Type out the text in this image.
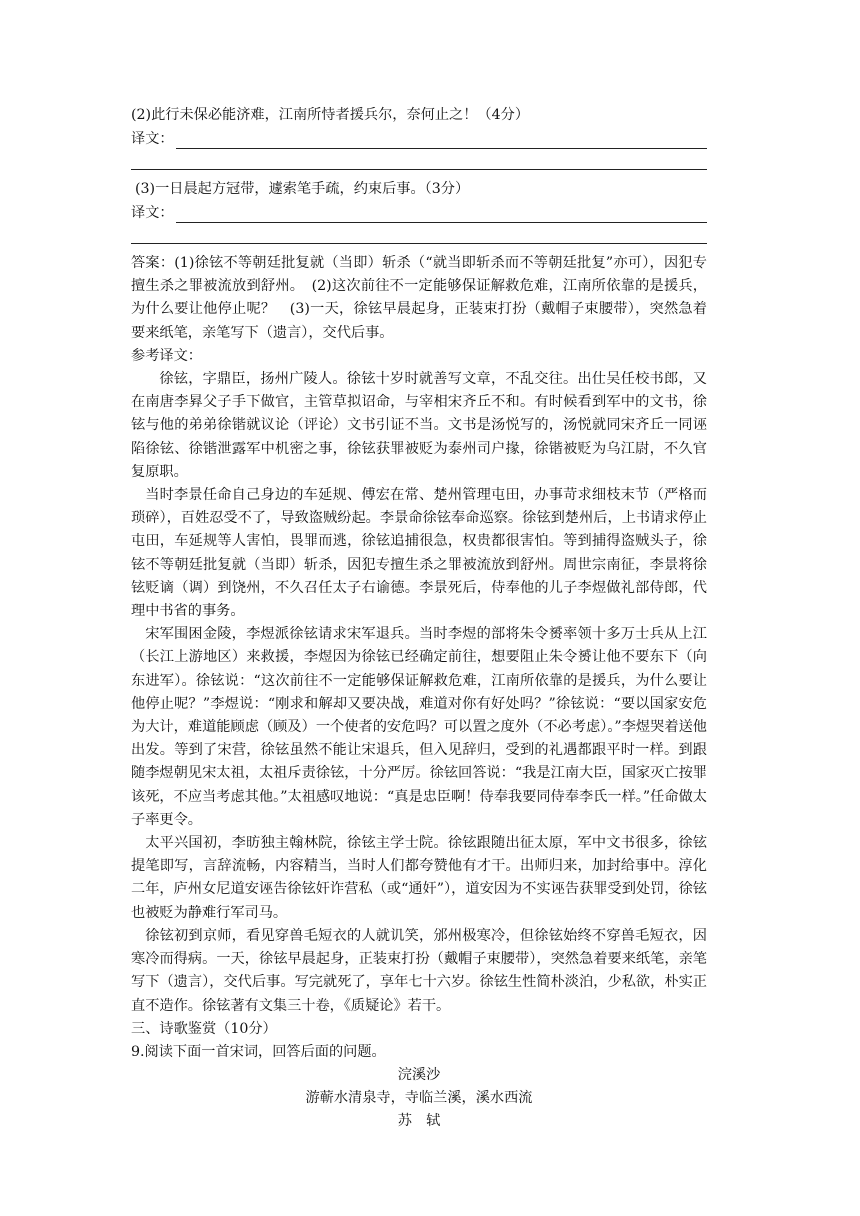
(2)此行未保必能济难，江南所恃者援兵尔，奈何止之！（4分）
译文：
(3)一日晨起方冠带，遽索笔手疏，约束后事。（3分）
译文：
答案：(1)徐铉不等朝廷批复就（当即）斩杀（“就当即斩杀而不等朝廷批复”亦可），因犯专擅生杀之罪被流放到舒州。　(2)这次前往不一定能够保证解救危难，江南所依靠的是援兵，为什么要让他停止呢？　(3)一天，徐铉早晨起身，正装束打扮（戴帽子束腰带），突然急着要来纸笔，亲笔写下（遗言），交代后事。
参考译文：
徐铉，字鼎臣，扬州广陵人。徐铉十岁时就善写文章，不乱交往。出仕吴任校书郎，又在南唐李昪父子手下做官，主管草拟诏命，与宰相宋齐丘不和。有时候看到军中的文书，徐铉与他的弟弟徐锴就议论（评论）文书引证不当。文书是汤悦写的，汤悦就同宋齐丘一同诬陷徐铉、徐锴泄露军中机密之事，徐铉获罪被贬为泰州司户掾，徐锴被贬为乌江尉，不久官复原职。
当时李景任命自己身边的车延规、傅宏在常、楚州管理屯田，办事苛求细枝末节（严格而琐碎），百姓忍受不了，导致盗贼纷起。李景命徐铉奉命巡察。徐铉到楚州后，上书请求停止屯田，车延规等人害怕，畏罪而逃，徐铉追捕很急，权贵都很害怕。等到捕得盗贼头子，徐铉不等朝廷批复就（当即）斩杀，因犯专擅生杀之罪被流放到舒州。周世宗南征，李景将徐铉贬谪（调）到饶州，不久召任太子右谕德。李景死后，侍奉他的儿子李煜做礼部侍郎，代理中书省的事务。
宋军围困金陵，李煜派徐铉请求宋军退兵。当时李煜的部将朱令赟率领十多万士兵从上江（长江上游地区）来救援，李煜因为徐铉已经确定前往，想要阻止朱令赟让他不要东下（向东进军）。徐铉说：“这次前往不一定能够保证解救危难，江南所依靠的是援兵，为什么要让他停止呢？”李煜说：“刚求和解却又要决战，难道对你有好处吗？”徐铉说：“要以国家安危为大计，难道能顾虑（顾及）一个使者的安危吗？可以置之度外（不必考虑）。”李煜哭着送他出发。等到了宋营，徐铉虽然不能让宋退兵，但入见辞归，受到的礼遇都跟平时一样。到跟随李煜朝见宋太祖，太祖斥责徐铉，十分严厉。徐铉回答说：“我是江南大臣，国家灭亡按罪该死，不应当考虑其他。”太祖感叹地说：“真是忠臣啊！侍奉我要同侍奉李氏一样。”任命做太子率更令。
太平兴国初，李昉独主翰林院，徐铉主学士院。徐铉跟随出征太原，军中文书很多，徐铉提笔即写，言辞流畅，内容精当，当时人们都夸赞他有才干。出师归来，加封给事中。淳化二年，庐州女尼道安诬告徐铉奸诈营私（或“通奸”），道安因为不实诬告获罪受到处罚，徐铉也被贬为静难行军司马。
徐铉初到京师，看见穿兽毛短衣的人就讥笑，邠州极寒冷，但徐铉始终不穿兽毛短衣，因寒冷而得病。一天，徐铉早晨起身，正装束打扮（戴帽子束腰带），突然急着要来纸笔，亲笔写下（遗言），交代后事。写完就死了，享年七十六岁。徐铉生性简朴淡泊，少私欲，朴实正直不造作。徐铉著有文集三十卷，《质疑论》若干。
三、诗歌鉴赏（10分）
9.阅读下面一首宋词，回答后面的问题。
浣溪沙
游蕲水清泉寺，寺临兰溪，溪水西流
苏　轼
